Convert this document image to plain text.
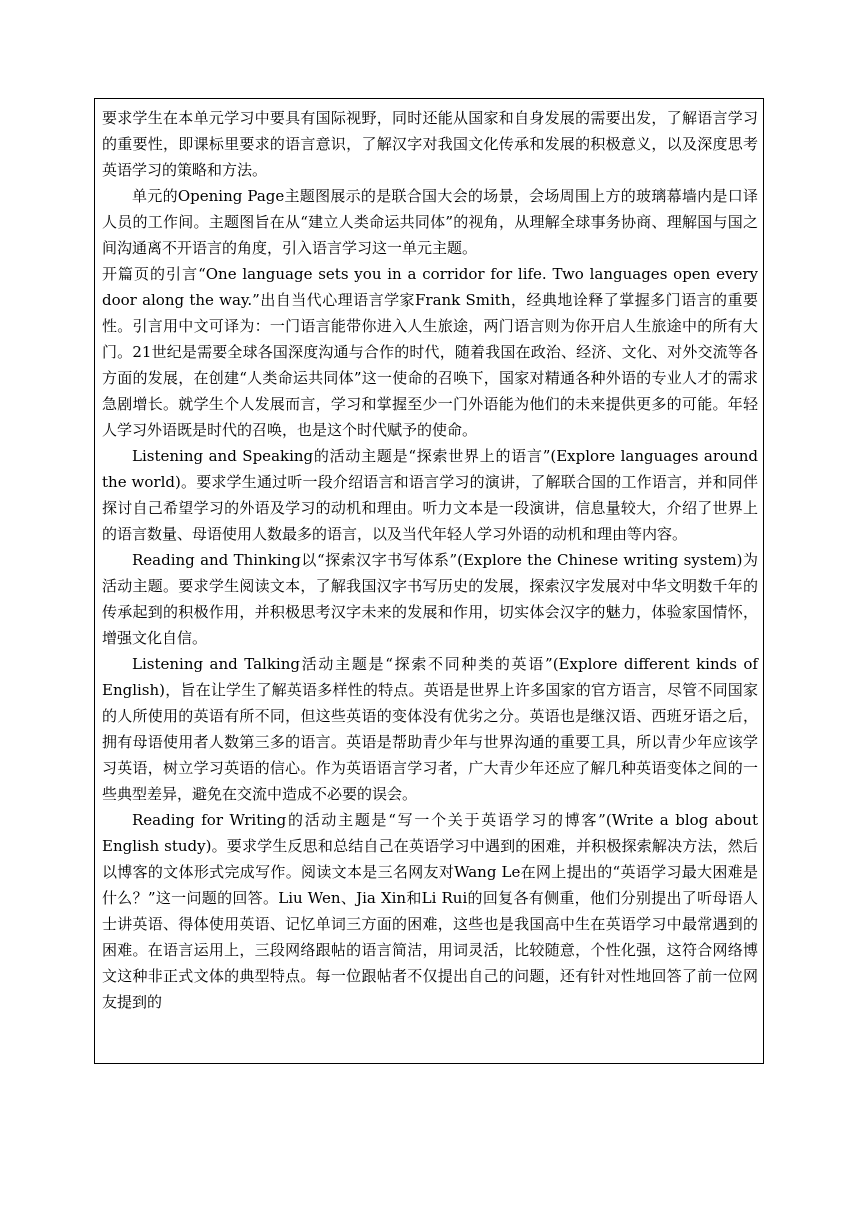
要求学生在本单元学习中要具有国际视野，同时还能从国家和自身发展的需要出发，了解语言学习的重要性，即课标里要求的语言意识，了解汉字对我国文化传承和发展的积极意义，以及深度思考英语学习的策略和方法。

单元的Opening Page主题图展示的是联合国大会的场景，会场周围上方的玻璃幕墙内是口译人员的工作间。主题图旨在从“建立人类命运共同体”的视角，从理解全球事务协商、理解国与国之间沟通离不开语言的角度，引入语言学习这一单元主题。

开篇页的引言“One language sets you in a corridor for life. Two languages open every door along the way.”出自当代心理语言学家Frank Smith，经典地诠释了掌握多门语言的重要性。引言用中文可译为：一门语言能带你进入人生旅途，两门语言则为你开启人生旅途中的所有大门。21世纪是需要全球各国深度沟通与合作的时代，随着我国在政治、经济、文化、对外交流等各方面的发展，在创建“人类命运共同体”这一使命的召唤下，国家对精通各种外语的专业人才的需求急剧增长。就学生个人发展而言，学习和掌握至少一门外语能为他们的未来提供更多的可能。年轻人学习外语既是时代的召唤，也是这个时代赋予的使命。

Listening and Speaking的活动主题是“探索世界上的语言”(Explore languages around the world)。要求学生通过听一段介绍语言和语言学习的演讲，了解联合国的工作语言，并和同伴探讨自己希望学习的外语及学习的动机和理由。听力文本是一段演讲，信息量较大，介绍了世界上的语言数量、母语使用人数最多的语言，以及当代年轻人学习外语的动机和理由等内容。

Reading and Thinking以“探索汉字书写体系”(Explore the Chinese writing system)为活动主题。要求学生阅读文本，了解我国汉字书写历史的发展，探索汉字发展对中华文明数千年的传承起到的积极作用，并积极思考汉字未来的发展和作用，切实体会汉字的魅力，体验家国情怀，增强文化自信。

Listening and Talking活动主题是“探索不同种类的英语”(Explore different kinds of English)，旨在让学生了解英语多样性的特点。英语是世界上许多国家的官方语言，尽管不同国家的人所使用的英语有所不同，但这些英语的变体没有优劣之分。英语也是继汉语、西班牙语之后，拥有母语使用者人数第三多的语言。英语是帮助青少年与世界沟通的重要工具，所以青少年应该学习英语，树立学习英语的信心。作为英语语言学习者，广大青少年还应了解几种英语变体之间的一些典型差异，避免在交流中造成不必要的误会。

Reading for Writing的活动主题是“写一个关于英语学习的博客”(Write a blog about English study)。要求学生反思和总结自己在英语学习中遇到的困难，并积极探索解决方法，然后以博客的文体形式完成写作。阅读文本是三名网友对Wang Le在网上提出的“英语学习最大困难是什么？”这一问题的回答。Liu Wen、Jia Xin和Li Rui的回复各有侧重，他们分别提出了听母语人士讲英语、得体使用英语、记忆单词三方面的困难，这些也是我国高中生在英语学习中最常遇到的困难。在语言运用上，三段网络跟帖的语言简洁，用词灵活，比较随意，个性化强，这符合网络博文这种非正式文体的典型特点。每一位跟帖者不仅提出自己的问题，还有针对性地回答了前一位网友提到的
